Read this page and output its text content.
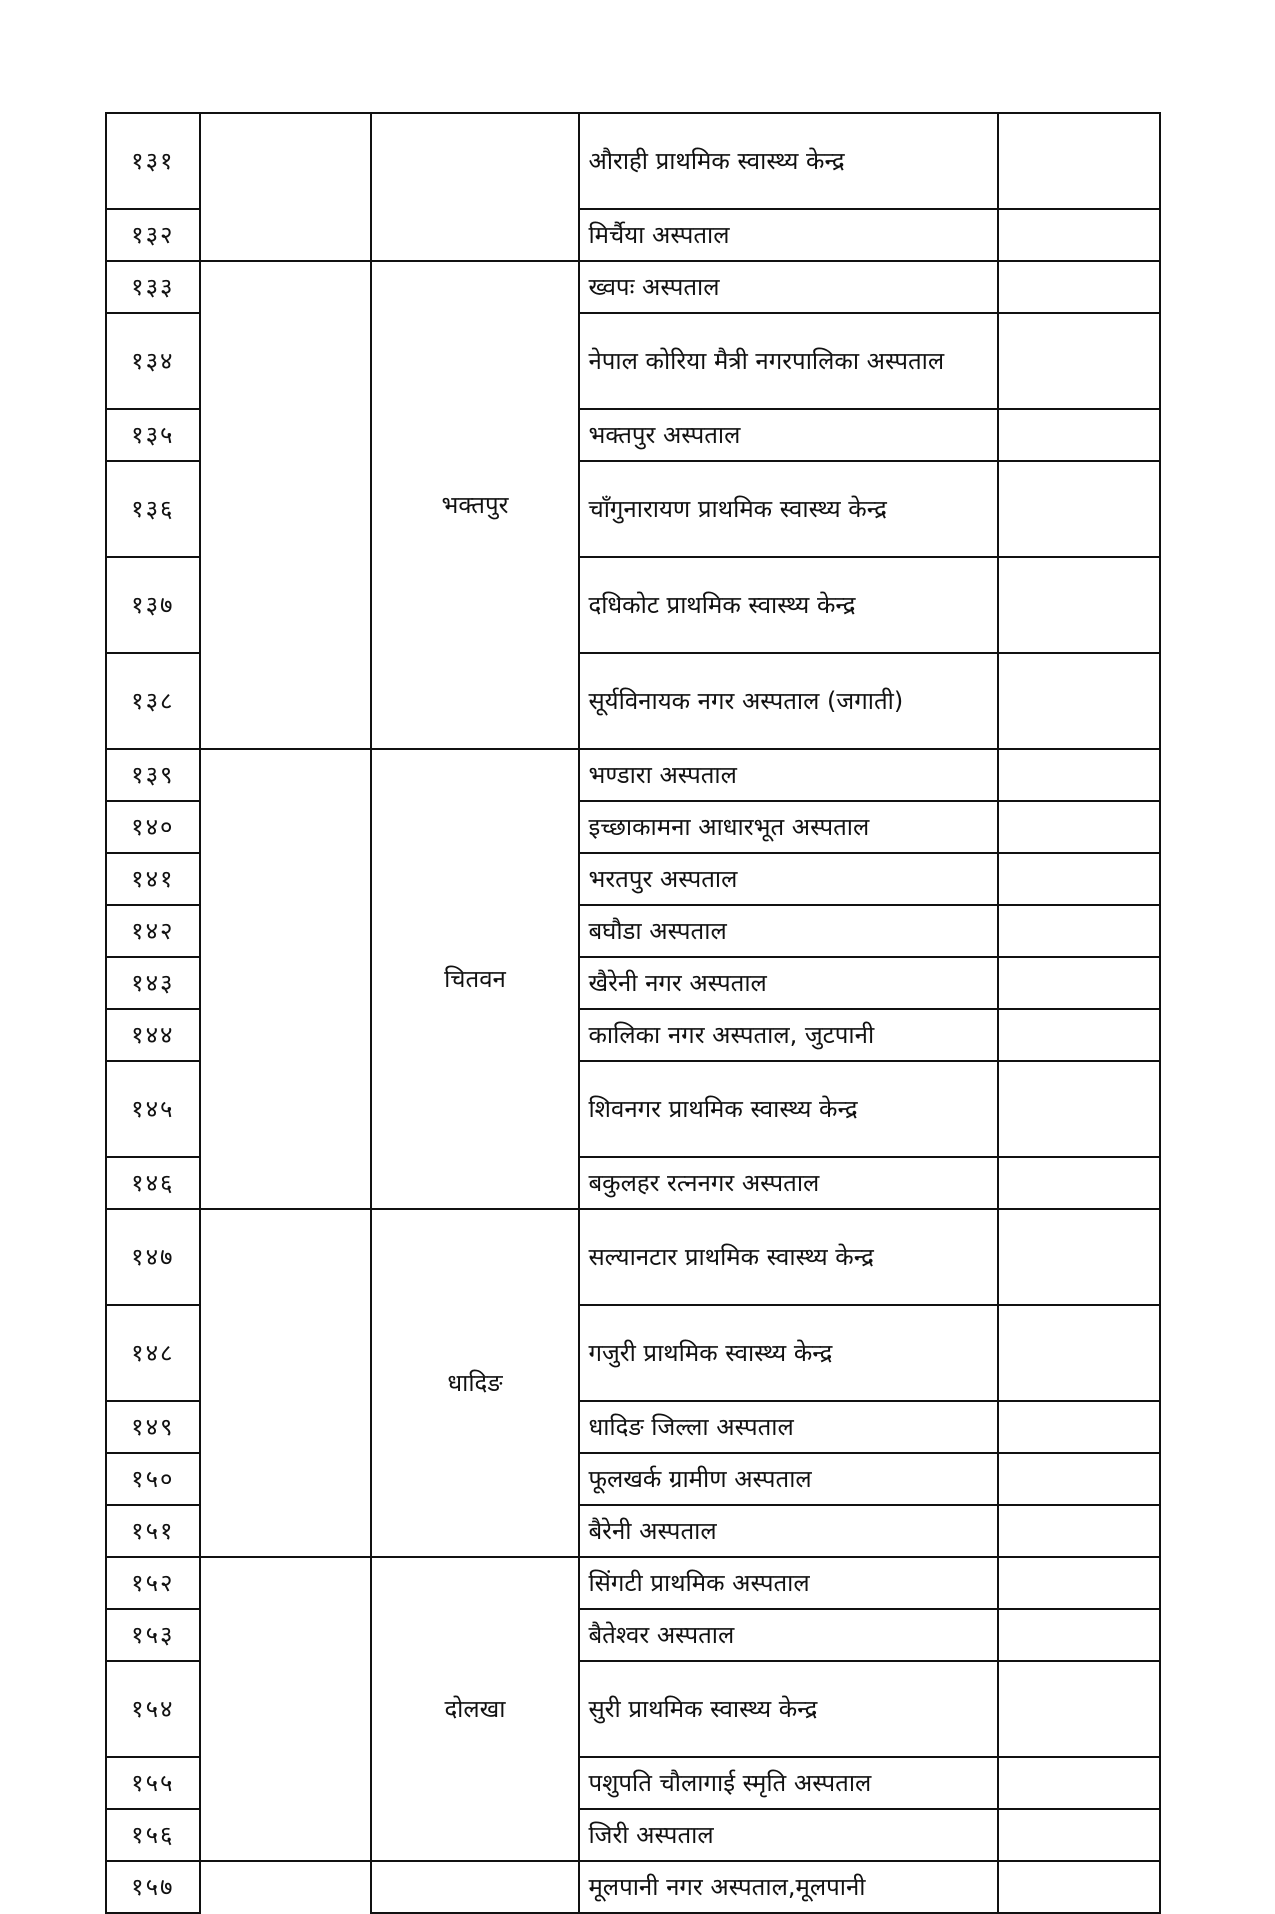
१३१			औराही प्राथमिक स्वास्थ्य केन्द्र	
१३२			मिर्चैया अस्पताल	
१३३		भक्तपुर	ख्वपः अस्पताल	
१३४			नेपाल कोरिया मैत्री नगरपालिका अस्पताल	
१३५			भक्तपुर अस्पताल	
१३६			चाँगुनारायण प्राथमिक स्वास्थ्य केन्द्र	
१३७			दधिकोट प्राथमिक स्वास्थ्य केन्द्र	
१३८			सूर्यविनायक नगर अस्पताल (जगाती)	
१३९		चितवन	भण्डारा अस्पताल	
१४०			इच्छाकामना आधारभूत अस्पताल	
१४१			भरतपुर अस्पताल	
१४२			बघौडा अस्पताल	
१४३			खैरेनी नगर अस्पताल	
१४४			कालिका नगर अस्पताल, जुटपानी	
१४५			शिवनगर प्राथमिक स्वास्थ्य केन्द्र	
१४६			बकुलहर रत्ननगर अस्पताल	
१४७		धादिङ	सल्यानटार प्राथमिक स्वास्थ्य केन्द्र	
१४८			गजुरी प्राथमिक स्वास्थ्य केन्द्र	
१४९			धादिङ जिल्ला अस्पताल	
१५०			फूलखर्क ग्रामीण अस्पताल	
१५१			बैरेनी अस्पताल	
१५२		दोलखा	सिंगटी प्राथमिक अस्पताल	
१५३			बैतेश्वर अस्पताल	
१५४			सुरी प्राथमिक स्वास्थ्य केन्द्र	
१५५			पशुपति चौलागाई स्मृति अस्पताल	
१५६			जिरी अस्पताल	
१५७			मूलपानी नगर अस्पताल,मूलपानी	
